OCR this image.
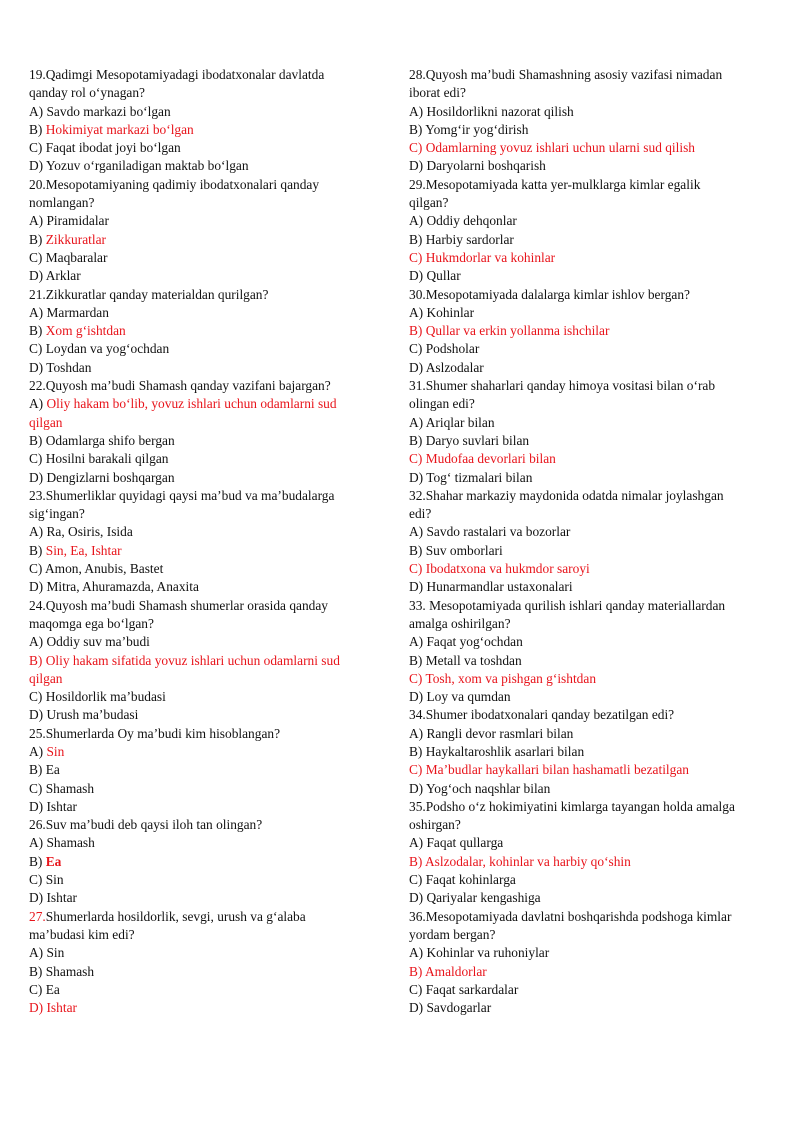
19.Qadimgi Mesopotamiyadagi ibodatxonalar davlatda
qanday rol o‘ynagan?
A) Savdo markazi bo‘lgan
B) Hokimiyat markazi bo‘lgan
C) Faqat ibodat joyi bo‘lgan
D) Yozuv o‘rganiladigan maktab bo‘lgan
20.Mesopotamiyaning qadimiy ibodatxonalari qanday
nomlangan?
A) Piramidalar
B) Zikkuratlar
C) Maqbaralar
D) Arklar
21.Zikkuratlar qanday materialdan qurilgan?
A) Marmardan
B) Xom g‘ishtdan
C) Loydan va yog‘ochdan
D) Toshdan
22.Quyosh ma’budi Shamash qanday vazifani bajargan?
A) Oliy hakam bo‘lib, yovuz ishlari uchun odamlarni sud
qilgan
B) Odamlarga shifo bergan
C) Hosilni barakali qilgan
D) Dengizlarni boshqargan
23.Shumerliklar quyidagi qaysi ma’bud va ma’budalarga
sig‘ingan?
A) Ra, Osiris, Isida
B) Sin, Ea, Ishtar
C) Amon, Anubis, Bastet
D) Mitra, Ahuramazda, Anaxita
24.Quyosh ma’budi Shamash shumerlar orasida qanday
maqomga ega bo‘lgan?
A) Oddiy suv ma’budi
B) Oliy hakam sifatida yovuz ishlari uchun odamlarni sud
qilgan
C) Hosildorlik ma’budasi
D) Urush ma’budasi
25.Shumerlarda Oy ma’budi kim hisoblangan?
A) Sin
B) Ea
C) Shamash
D) Ishtar
26.Suv ma’budi deb qaysi iloh tan olingan?
A) Shamash
B) Ea
C) Sin
D) Ishtar
27.Shumerlarda hosildorlik, sevgi, urush va g‘alaba
ma’budasi kim edi?
A) Sin
B) Shamash
C) Ea
D) Ishtar
28.Quyosh ma’budi Shamashning asosiy vazifasi nimadan
iborat edi?
A) Hosildorlikni nazorat qilish
B) Yomg‘ir yog‘dirish
C) Odamlarning yovuz ishlari uchun ularni sud qilish
D) Daryolarni boshqarish
29.Mesopotamiyada katta yer-mulklarga kimlar egalik
qilgan?
A) Oddiy dehqonlar
B) Harbiy sardorlar
C) Hukmdorlar va kohinlar
D) Qullar
30.Mesopotamiyada dalalarga kimlar ishlov bergan?
A) Kohinlar
B) Qullar va erkin yollanma ishchilar
C) Podsholar
D) Aslzodalar
31.Shumer shaharlari qanday himoya vositasi bilan o‘rab
olingan edi?
A) Ariqlar bilan
B) Daryo suvlari bilan
C) Mudofaa devorlari bilan
D) Tog‘ tizmalari bilan
32.Shahar markaziy maydonida odatda nimalar joylashgan
edi?
A) Savdo rastalari va bozorlar
B) Suv omborlari
C) Ibodatxona va hukmdor saroyi
D) Hunarmandlar ustaxonalari
33. Mesopotamiyada qurilish ishlari qanday materiallardan
amalga oshirilgan?
A) Faqat yog‘ochdan
B) Metall va toshdan
C) Tosh, xom va pishgan g‘ishtdan
D) Loy va qumdan
34.Shumer ibodatxonalari qanday bezatilgan edi?
A) Rangli devor rasmlari bilan
B) Haykaltaroshlik asarlari bilan
C) Ma’budlar haykallari bilan hashamatli bezatilgan
D) Yog‘och naqshlar bilan
35.Podsho o‘z hokimiyatini kimlarga tayangan holda amalga
oshirgan?
A) Faqat qullarga
B) Aslzodalar, kohinlar va harbiy qo‘shin
C) Faqat kohinlarga
D) Qariyalar kengashiga
36.Mesopotamiyada davlatni boshqarishda podshoga kimlar
yordam bergan?
A) Kohinlar va ruhoniylar
B) Amaldorlar
C) Faqat sarkardalar
D) Savdogarlar
